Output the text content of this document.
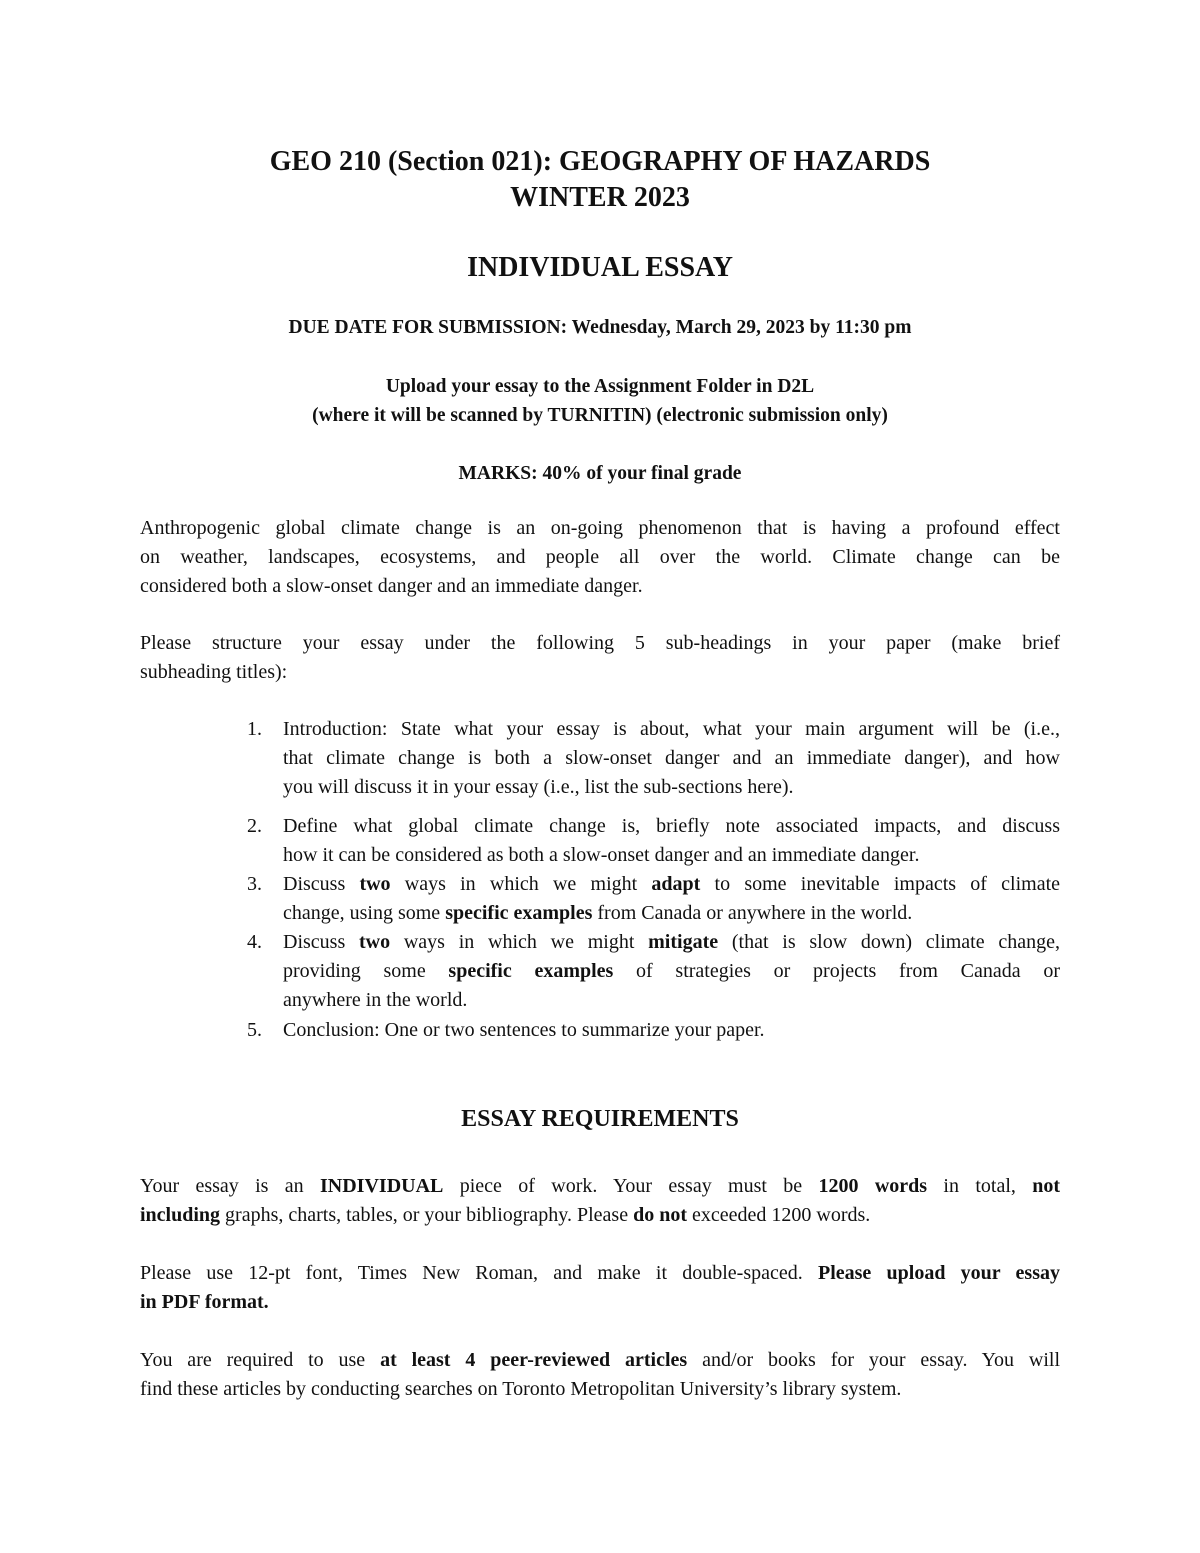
GEO 210 (Section 021): GEOGRAPHY OF HAZARDS
WINTER 2023
INDIVIDUAL ESSAY
DUE DATE FOR SUBMISSION: Wednesday, March 29, 2023 by 11:30 pm
Upload your essay to the Assignment Folder in D2L
(where it will be scanned by TURNITIN) (electronic submission only)
MARKS: 40% of your final grade
Anthropogenic global climate change is an on-going phenomenon that is having a profound effect
on weather, landscapes, ecosystems, and people all over the world. Climate change can be
considered both a slow-onset danger and an immediate danger.
Please structure your essay under the following 5 sub-headings in your paper (make brief
subheading titles):
1. Introduction: State what your essay is about, what your main argument will be (i.e.,
that climate change is both a slow-onset danger and an immediate danger), and how
you will discuss it in your essay (i.e., list the sub-sections here).
2. Define what global climate change is, briefly note associated impacts, and discuss
how it can be considered as both a slow-onset danger and an immediate danger.
3. Discuss two ways in which we might adapt to some inevitable impacts of climate
change, using some specific examples from Canada or anywhere in the world.
4. Discuss two ways in which we might mitigate (that is slow down) climate change,
providing some specific examples of strategies or projects from Canada or
anywhere in the world.
5. Conclusion: One or two sentences to summarize your paper.
ESSAY REQUIREMENTS
Your essay is an INDIVIDUAL piece of work. Your essay must be 1200 words in total, not
including graphs, charts, tables, or your bibliography. Please do not exceeded 1200 words.
Please use 12-pt font, Times New Roman, and make it double-spaced. Please upload your essay
in PDF format.
You are required to use at least 4 peer-reviewed articles and/or books for your essay. You will
find these articles by conducting searches on Toronto Metropolitan University’s library system.
